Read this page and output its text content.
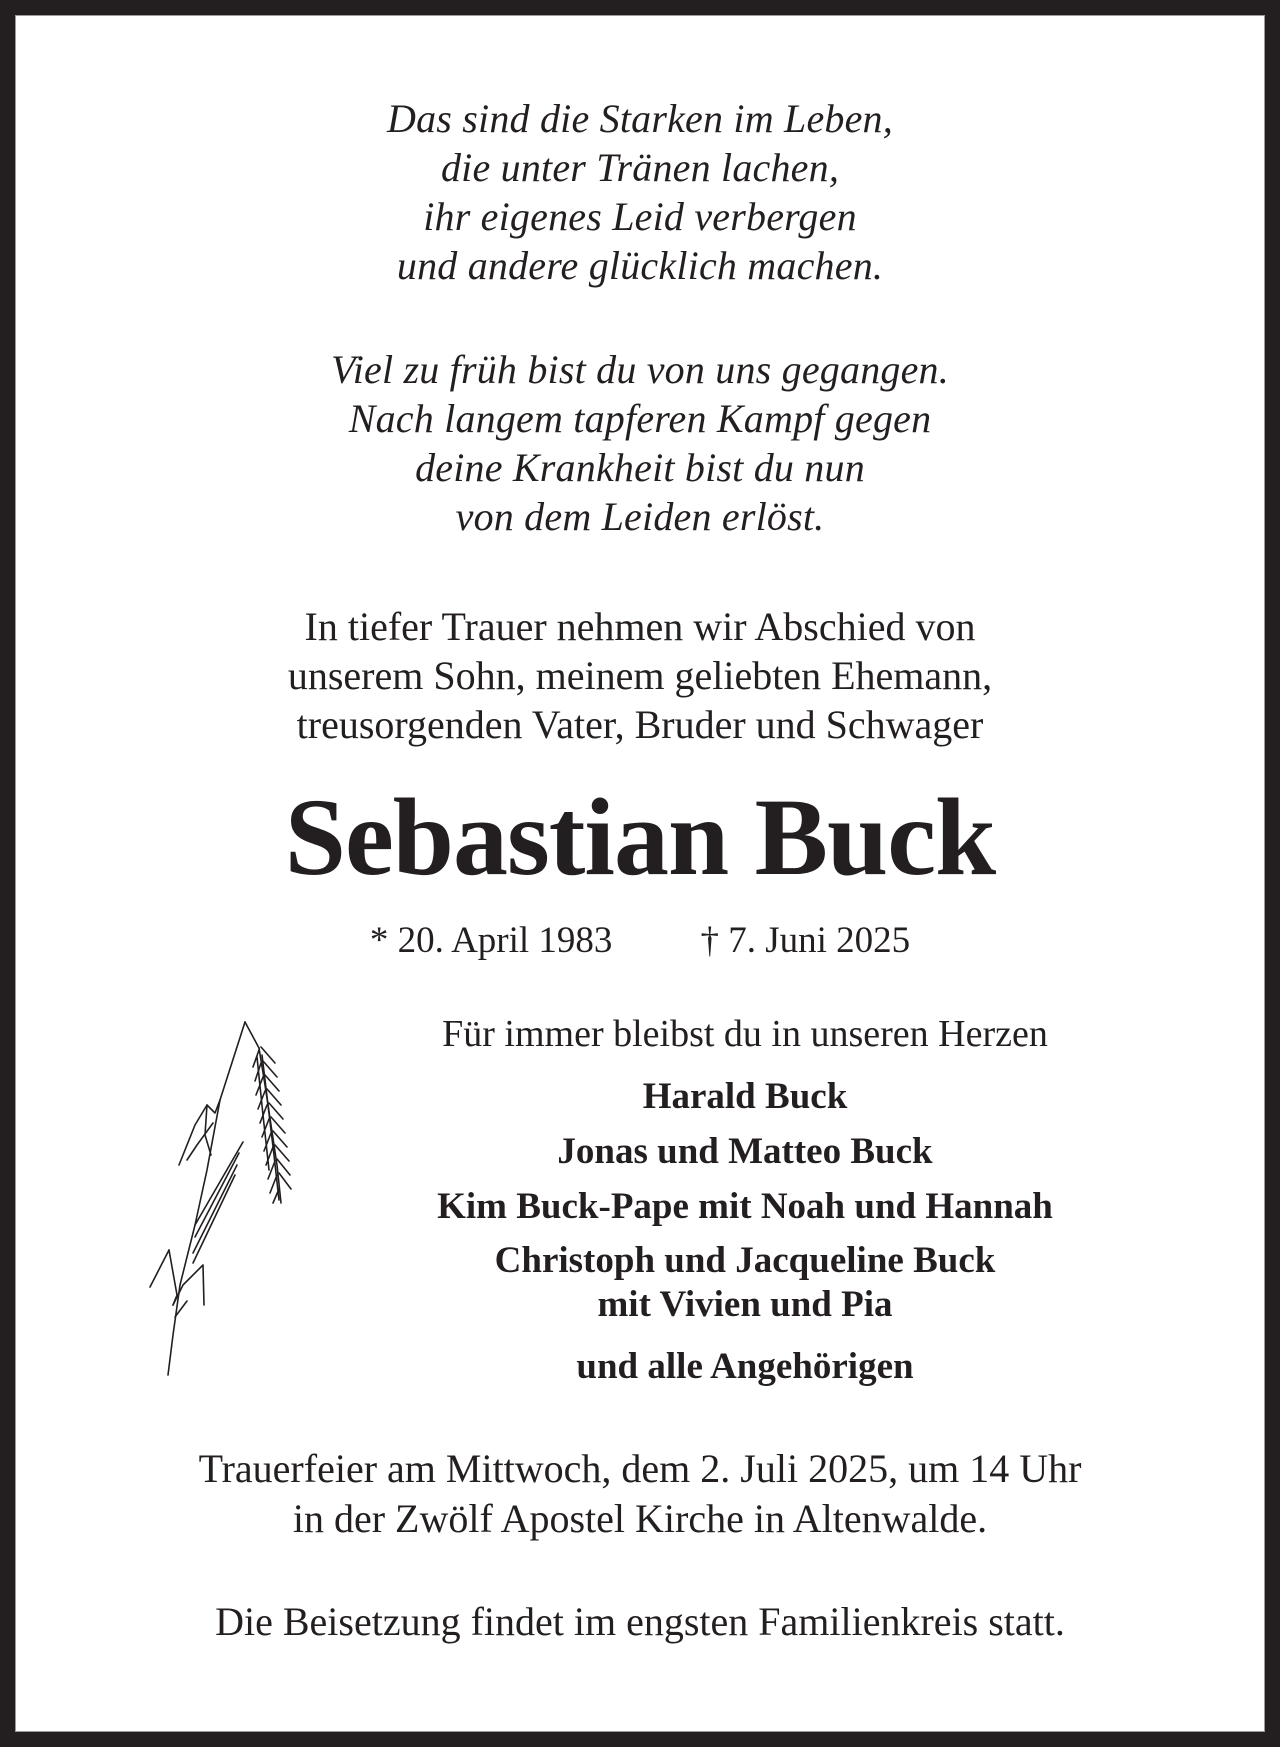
Das sind die Starken im Leben,
die unter Tränen lachen,
ihr eigenes Leid verbergen
und andere glücklich machen.
Viel zu früh bist du von uns gegangen.
Nach langem tapferen Kampf gegen
deine Krankheit bist du nun
von dem Leiden erlöst.
In tiefer Trauer nehmen wir Abschied von
unserem Sohn, meinem geliebten Ehemann,
treusorgenden Vater, Bruder und Schwager
Sebastian Buck
* 20. April 1983 † 7. Juni 2025
Für immer bleibst du in unseren Herzen
Harald Buck
Jonas und Matteo Buck
Kim Buck-Pape mit Noah und Hannah
Christoph und Jacqueline Buck
mit Vivien und Pia
und alle Angehörigen
Trauerfeier am Mittwoch, dem 2. Juli 2025, um 14 Uhr
in der Zwölf Apostel Kirche in Altenwalde.
Die Beisetzung findet im engsten Familienkreis statt.
